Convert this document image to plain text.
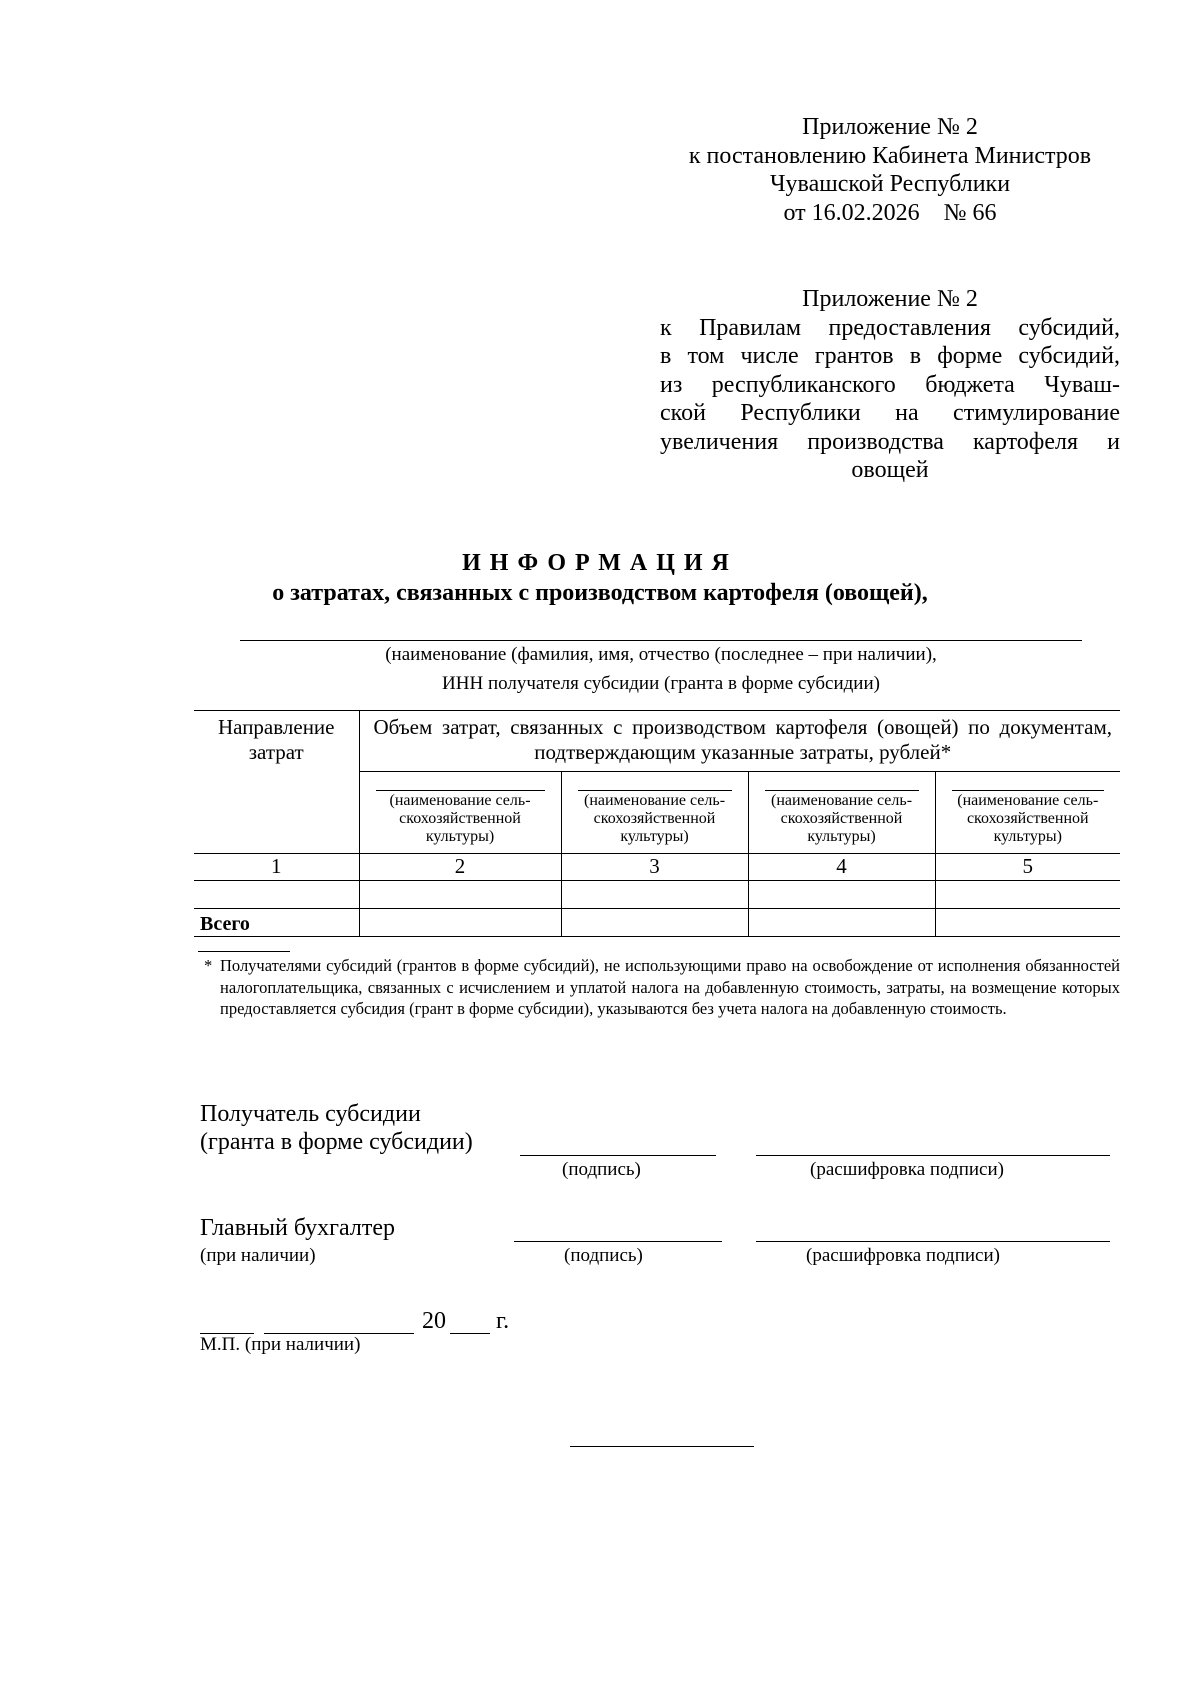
Приложение № 2
к постановлению Кабинета Министров
Чувашской Республики
от 16.02.2026    № 66
Приложение № 2
к Правилам предоставления субсидий,
в том числе грантов в форме субсидий,
из республиканского бюджета Чуваш-
ской Республики на стимулирование
увеличения производства картофеля и
овощей
ИНФОРМАЦИЯ
о затратах, связанных с производством картофеля (овощей),
(наименование (фамилия, имя, отчество (последнее – при наличии),
ИНН получателя субсидии (гранта в форме субсидии)
Направление затрат	Объем затрат, связанных с производством картофеля (овощей) по документам, подтверждающим указанные затраты, рублей*			

	(наименование сельскохозяйственной культуры)	(наименование сельскохозяйственной культуры)	(наименование сельскохозяйственной культуры)	(наименование сельскохозяйственной культуры)

1	2	3	4	5

Всего				
* Получателями субсидий (грантов в форме субсидий), не использующими право на освобождение от исполнения обязанностей налогоплательщика, связанных с исчислением и уплатой налога на добавленную стоимость, затраты, на возмещение которых предоставляется субсидия (грант в форме субсидии), указываются без учета налога на добавленную стоимость.
Получатель субсидии
(гранта в форме субсидии)
(подпись)	(расшифровка подписи)
Главный бухгалтер
(при наличии)	(подпись)	(расшифровка подписи)
20 г.
М.П. (при наличии)
